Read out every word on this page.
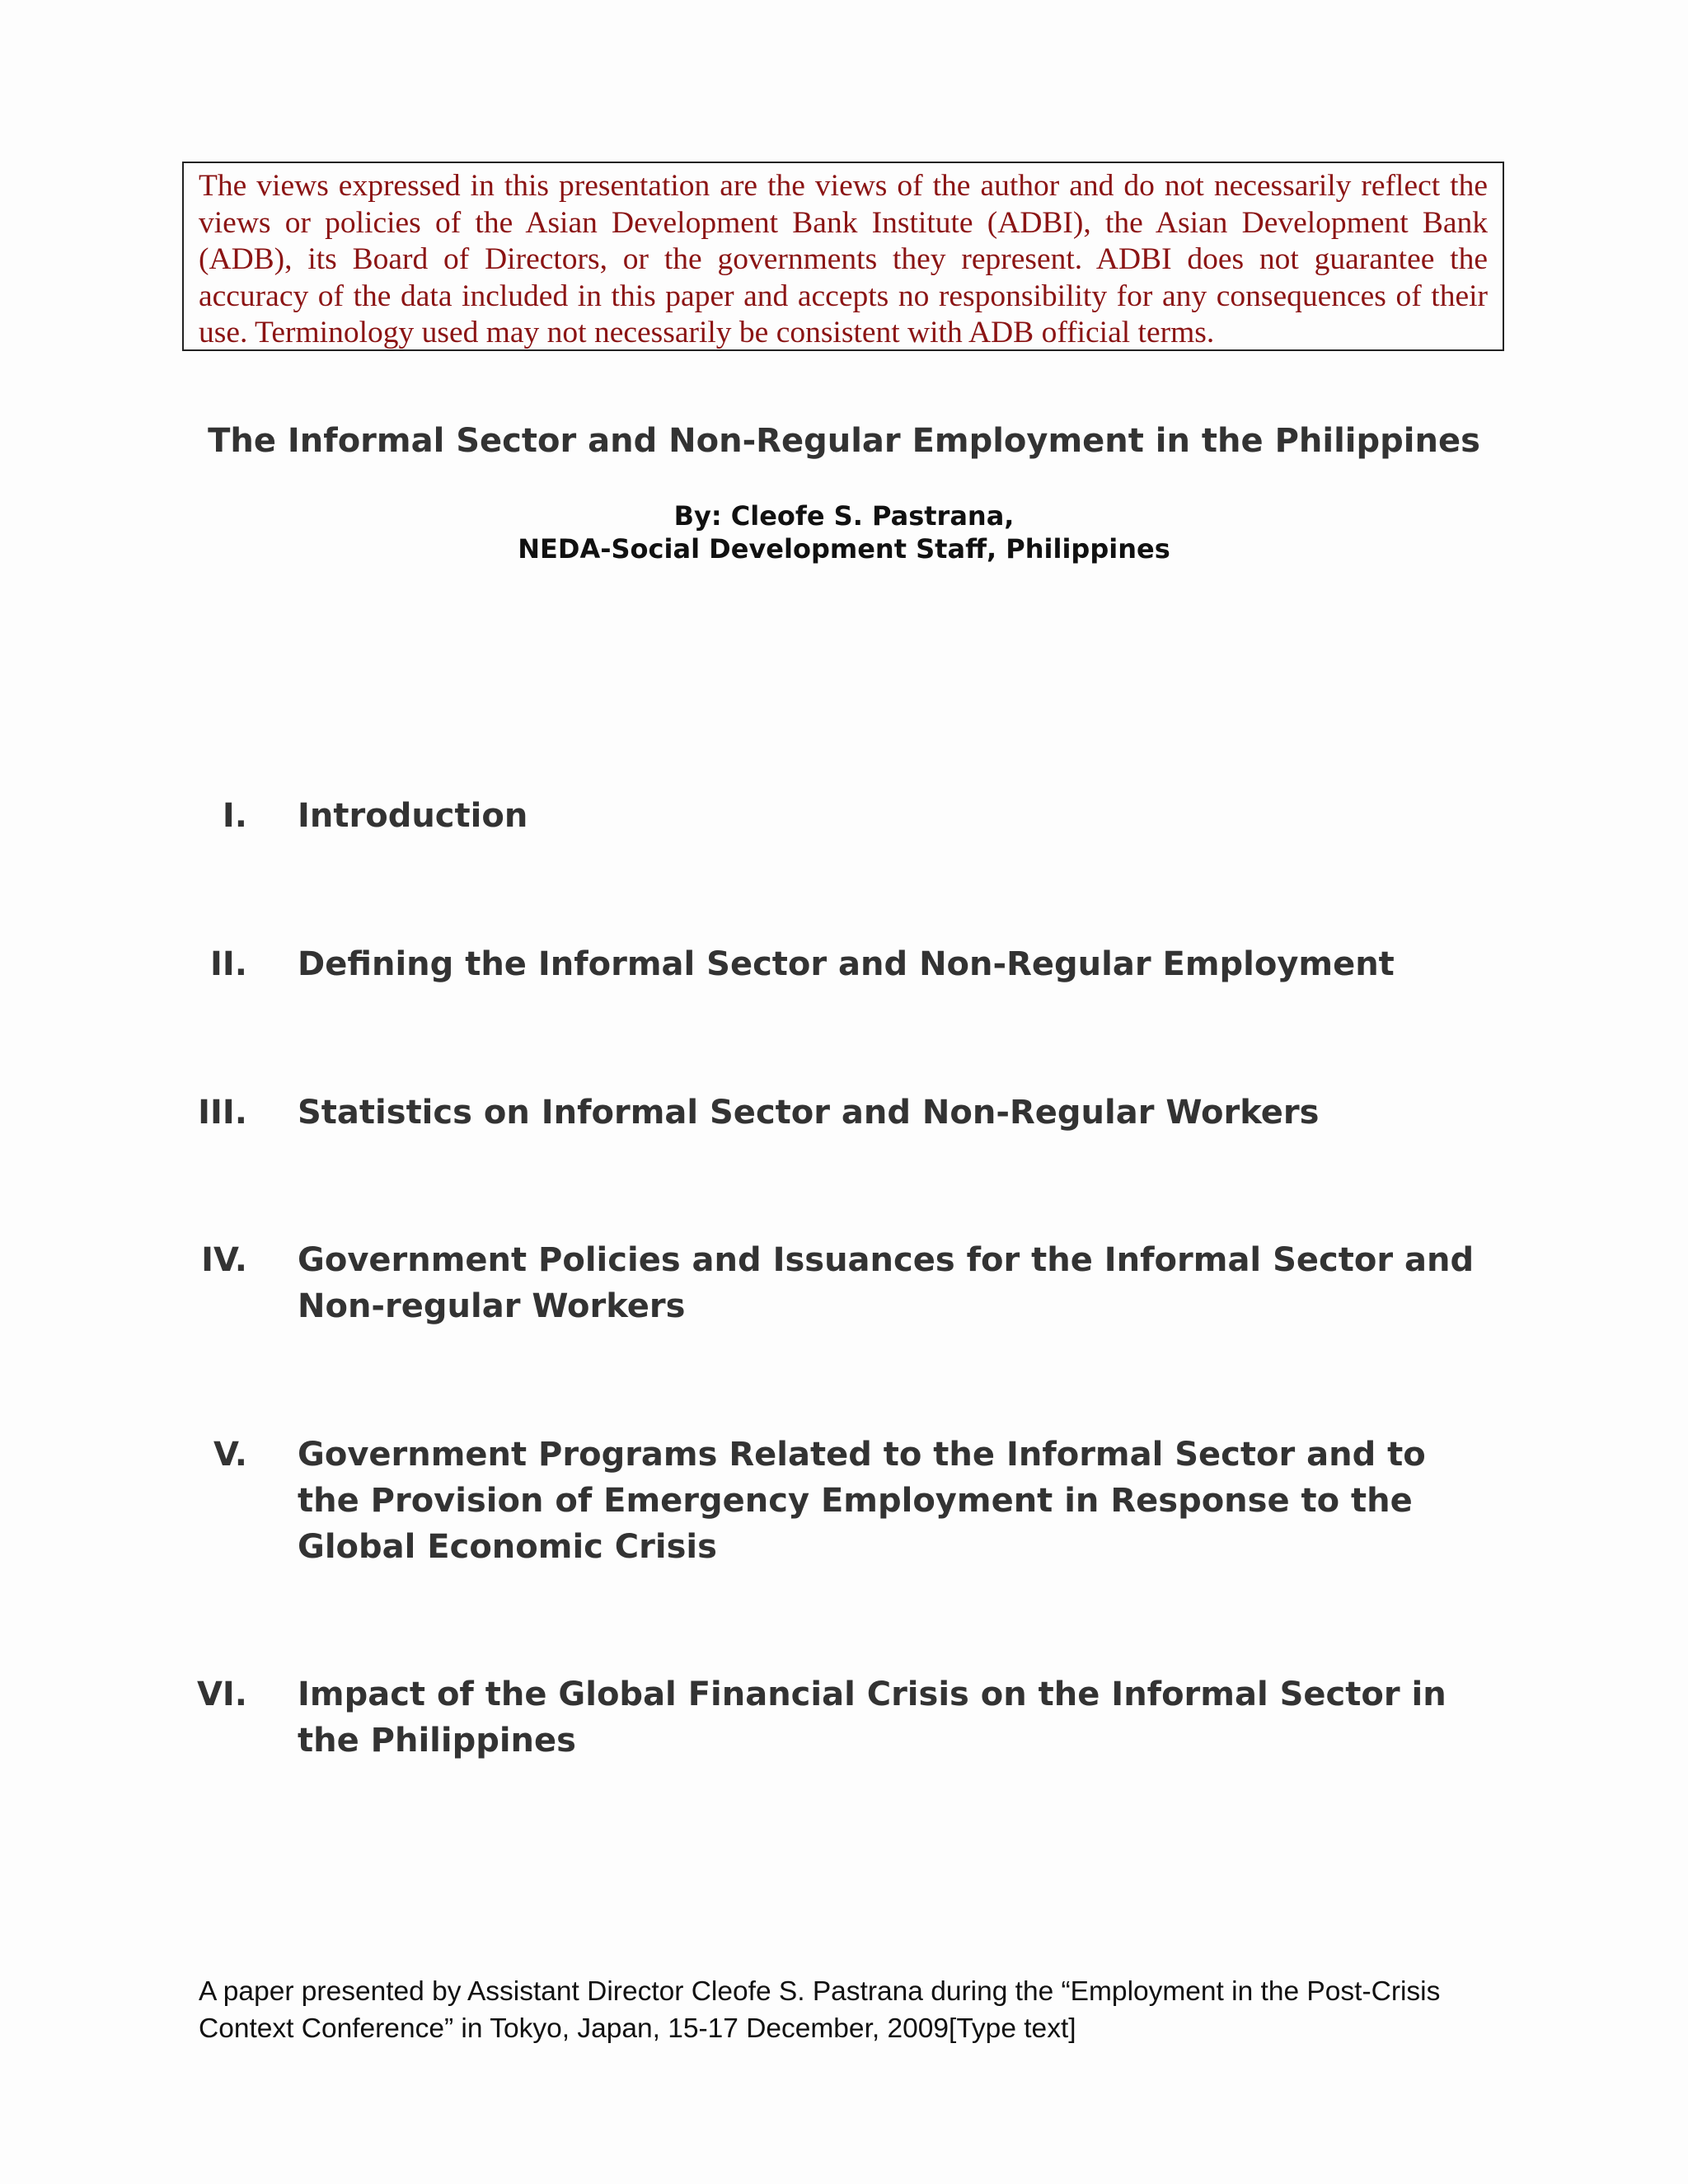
The views expressed in this presentation are the views of the author and do not necessarily reflect the views or policies of the Asian Development Bank Institute (ADBI), the Asian Development Bank (ADB), its Board of Directors, or the governments they represent. ADBI does not guarantee the accuracy of the data included in this paper and accepts no responsibility for any consequences of their use. Terminology used may not necessarily be consistent with ADB official terms.
The Informal Sector and Non-Regular Employment in the Philippines
By: Cleofe S. Pastrana,
NEDA-Social Development Staff, Philippines
I. Introduction
II. Defining the Informal Sector and Non-Regular Employment
III. Statistics on Informal Sector and Non-Regular Workers
IV. Government Policies and Issuances for the Informal Sector and
Non-regular Workers
V. Government Programs Related to the Informal Sector and to
the Provision of Emergency Employment in Response to the
Global Economic Crisis
VI. Impact of the Global Financial Crisis on the Informal Sector in
the Philippines
A paper presented by Assistant Director Cleofe S. Pastrana during the “Employment in the Post-Crisis
Context Conference” in Tokyo, Japan, 15-17 December, 2009[Type text]
